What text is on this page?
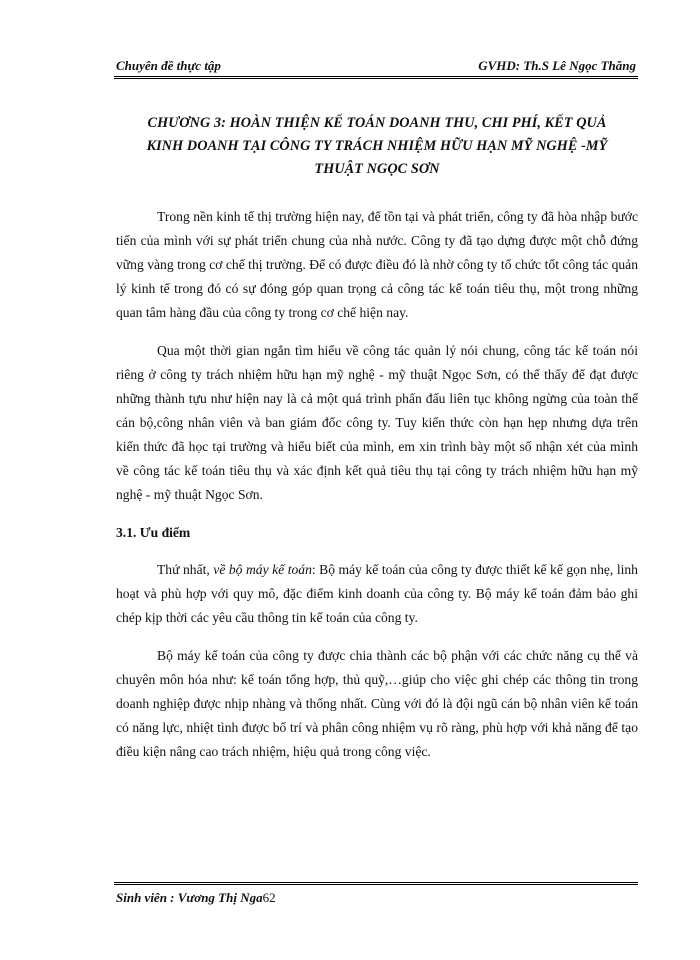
Chuyên đề thực tập	GVHD: Th.S Lê Ngọc Thăng
CHƯƠNG 3: HOÀN THIỆN KẾ TOÁN DOANH THU, CHI PHÍ, KẾT QUẢ
KINH DOANH TẠI CÔNG TY TRÁCH NHIỆM HỮU HẠN MỸ NGHỆ -MỸ
THUẬT NGỌC SƠN

Trong nền kinh tế thị trường hiện nay, để tồn tại và phát triển, công ty đã hòa nhập bước tiến của mình với sự phát triển chung của nhà nước. Công ty đã tạo dựng được một chỗ đứng vững vàng trong cơ chế thị trường. Để có được điều đó là nhờ công ty tổ chức tốt công tác quản lý kinh tế trong đó có sự đóng góp quan trọng cả công tác kế toán tiêu thụ, một trong những quan tâm hàng đầu của công ty trong cơ chế hiện nay.

Qua một thời gian ngắn tìm hiểu về công tác quản lý nói chung, công tác kế toán nói riêng ở công ty trách nhiệm hữu hạn mỹ nghệ - mỹ thuật Ngọc Sơn, có thể thấy để đạt được những thành tựu như hiện nay là cả một quá trình phấn đấu liên tục không ngừng của toàn thể cán bộ,công nhân viên và ban giám đốc công ty. Tuy kiến thức còn hạn hẹp nhưng dựa trên kiến thức đã học tại trường và hiểu biết của mình, em xin trình bày một số nhận xét của mình về công tác kế toán tiêu thụ và xác định kết quả tiêu thụ tại công ty trách nhiệm hữu hạn mỹ nghệ - mỹ thuật Ngọc Sơn.

3.1. Ưu điểm

Thứ nhất, về bộ máy kế toán: Bộ máy kế toán của công ty được thiết kế kế gọn nhẹ, linh hoạt và phù hợp với quy mô, đặc điểm kinh doanh của công ty. Bộ máy kế toán đảm bảo ghi chép kịp thời các yêu cầu thông tin kế toán của công ty.

Bộ máy kế toán của công ty được chia thành các bộ phận với các chức năng cụ thể và chuyên môn hóa như: kế toán tổng hợp, thủ quỹ,…giúp cho việc ghi chép các thông tin trong doanh nghiệp được nhịp nhàng và thống nhất. Cùng với đó là đội ngũ cán bộ nhân viên kế toán có năng lực, nhiệt tình được bố trí và phân công nhiệm vụ rõ ràng, phù hợp với khả năng để tạo điều kiện nâng cao trách nhiệm, hiệu quả trong công việc.

Sinh viên : Vương Thị Nga62
